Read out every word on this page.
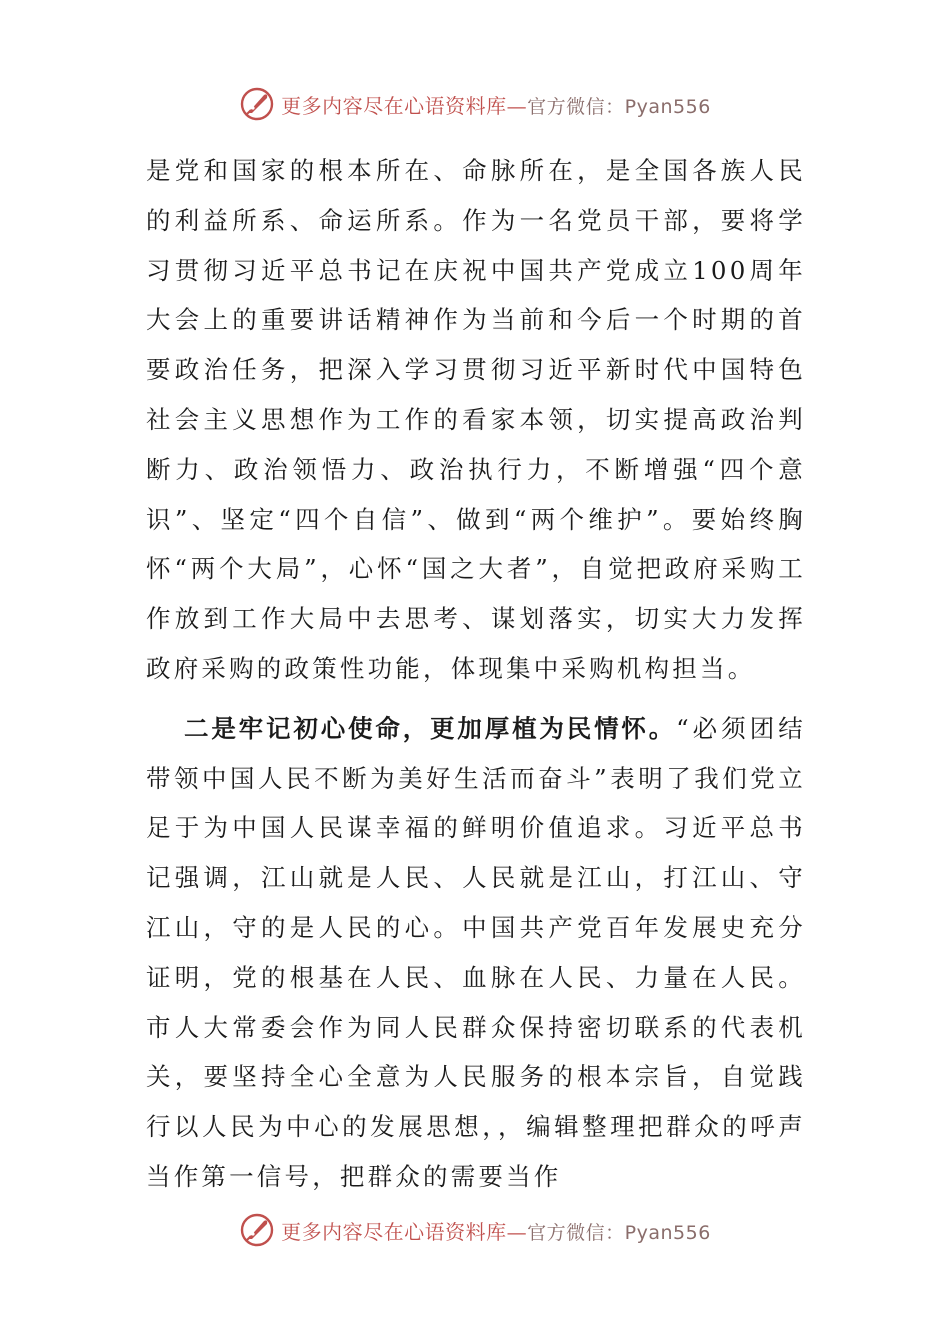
更多内容尽在心语资料库—官方微信：Pyan556

是党和国家的根本所在、命脉所在，是全国各族人民的利益所系、命运所系。作为一名党员干部，要将学习贯彻习近平总书记在庆祝中国共产党成立100周年大会上的重要讲话精神作为当前和今后一个时期的首要政治任务，把深入学习贯彻习近平新时代中国特色社会主义思想作为工作的看家本领，切实提高政治判断力、政治领悟力、政治执行力，不断增强“四个意识”、坚定“四个自信”、做到“两个维护”。要始终胸怀“两个大局”，心怀“国之大者”，自觉把政府采购工作放到工作大局中去思考、谋划落实，切实大力发挥政府采购的政策性功能，体现集中采购机构担当。

二是牢记初心使命，更加厚植为民情怀。“必须团结带领中国人民不断为美好生活而奋斗”表明了我们党立足于为中国人民谋幸福的鲜明价值追求。习近平总书记强调，江山就是人民、人民就是江山，打江山、守江山，守的是人民的心。中国共产党百年发展史充分证明，党的根基在人民、血脉在人民、力量在人民。市人大常委会作为同人民群众保持密切联系的代表机关，要坚持全心全意为人民服务的根本宗旨，自觉践行以人民为中心的发展思想，，编辑整理把群众的呼声当作第一信号，把群众的需要当作

更多内容尽在心语资料库—官方微信：Pyan556
